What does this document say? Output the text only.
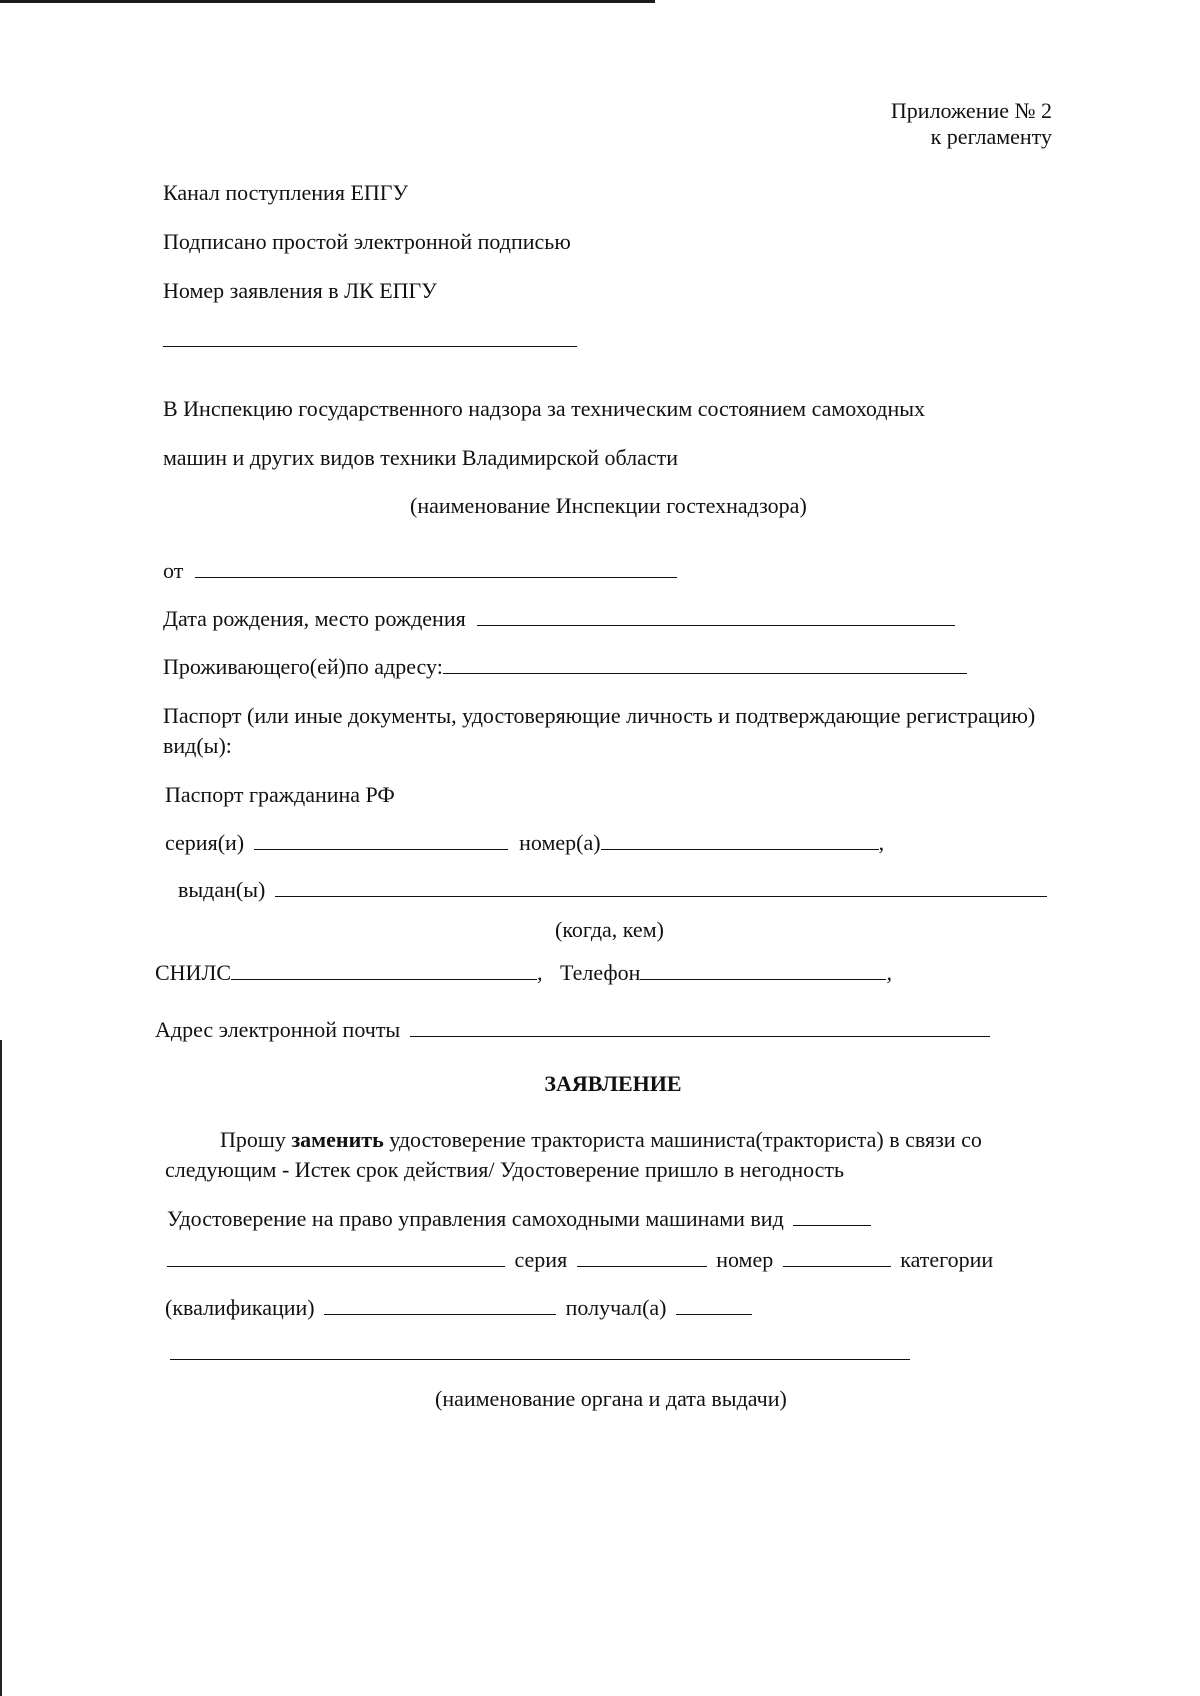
Приложение № 2
к регламенту
Канал поступления ЕПГУ
Подписано простой электронной подписью
Номер заявления в ЛК ЕПГУ
В Инспекцию государственного надзора за техническим состоянием самоходных
машин и других видов техники Владимирской области
(наименование Инспекции гостехнадзора)
от
Дата рождения, место рождения
Проживающего(ей)по адресу:
Паспорт (или иные документы, удостоверяющие личность и подтверждающие регистрацию)
вид(ы):
Паспорт гражданина РФ
серия(и)	номер(а)	,
выдан(ы)
(когда, кем)
СНИЛС	, Телефон	,
Адрес электронной почты
ЗАЯВЛЕНИЕ
Прошу заменить удостоверение тракториста машиниста(тракториста) в связи со
следующим - Истек срок действия/ Удостоверение пришло в негодность
Удостоверение на право управления самоходными машинами вид
серия	номер	категории
(квалификации)	получал(а)
(наименование органа и дата выдачи)
